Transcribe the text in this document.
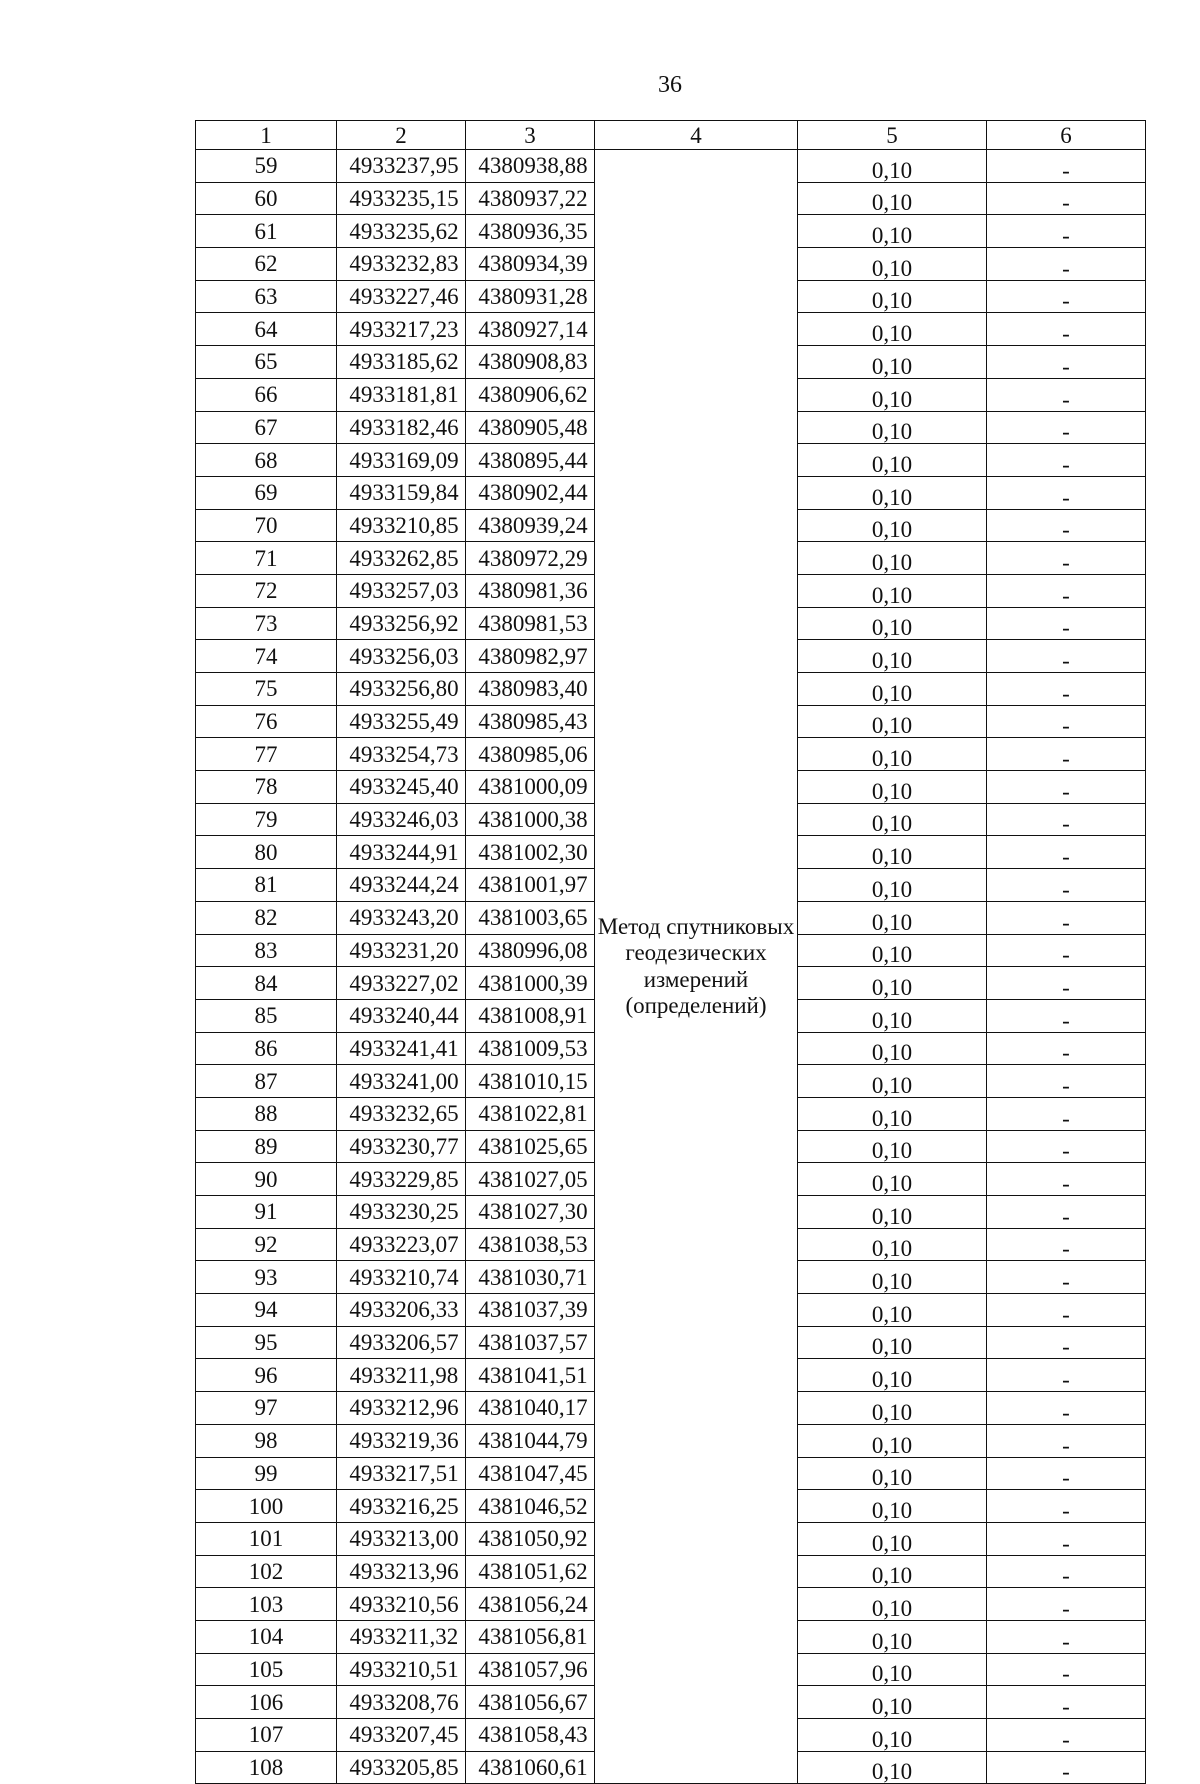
36
1	2	3	4	5	6
59	4933237,95	4380938,88	Метод спутниковых геодезических измерений (определений)	0,10	-
60	4933235,15	4380937,22		0,10	-
61	4933235,62	4380936,35		0,10	-
62	4933232,83	4380934,39		0,10	-
63	4933227,46	4380931,28		0,10	-
64	4933217,23	4380927,14		0,10	-
65	4933185,62	4380908,83		0,10	-
66	4933181,81	4380906,62		0,10	-
67	4933182,46	4380905,48		0,10	-
68	4933169,09	4380895,44		0,10	-
69	4933159,84	4380902,44		0,10	-
70	4933210,85	4380939,24		0,10	-
71	4933262,85	4380972,29		0,10	-
72	4933257,03	4380981,36		0,10	-
73	4933256,92	4380981,53		0,10	-
74	4933256,03	4380982,97		0,10	-
75	4933256,80	4380983,40		0,10	-
76	4933255,49	4380985,43		0,10	-
77	4933254,73	4380985,06		0,10	-
78	4933245,40	4381000,09		0,10	-
79	4933246,03	4381000,38		0,10	-
80	4933244,91	4381002,30		0,10	-
81	4933244,24	4381001,97		0,10	-
82	4933243,20	4381003,65		0,10	-
83	4933231,20	4380996,08		0,10	-
84	4933227,02	4381000,39		0,10	-
85	4933240,44	4381008,91		0,10	-
86	4933241,41	4381009,53		0,10	-
87	4933241,00	4381010,15		0,10	-
88	4933232,65	4381022,81		0,10	-
89	4933230,77	4381025,65		0,10	-
90	4933229,85	4381027,05		0,10	-
91	4933230,25	4381027,30		0,10	-
92	4933223,07	4381038,53		0,10	-
93	4933210,74	4381030,71		0,10	-
94	4933206,33	4381037,39		0,10	-
95	4933206,57	4381037,57		0,10	-
96	4933211,98	4381041,51		0,10	-
97	4933212,96	4381040,17		0,10	-
98	4933219,36	4381044,79		0,10	-
99	4933217,51	4381047,45		0,10	-
100	4933216,25	4381046,52		0,10	-
101	4933213,00	4381050,92		0,10	-
102	4933213,96	4381051,62		0,10	-
103	4933210,56	4381056,24		0,10	-
104	4933211,32	4381056,81		0,10	-
105	4933210,51	4381057,96		0,10	-
106	4933208,76	4381056,67		0,10	-
107	4933207,45	4381058,43		0,10	-
108	4933205,85	4381060,61		0,10	-
